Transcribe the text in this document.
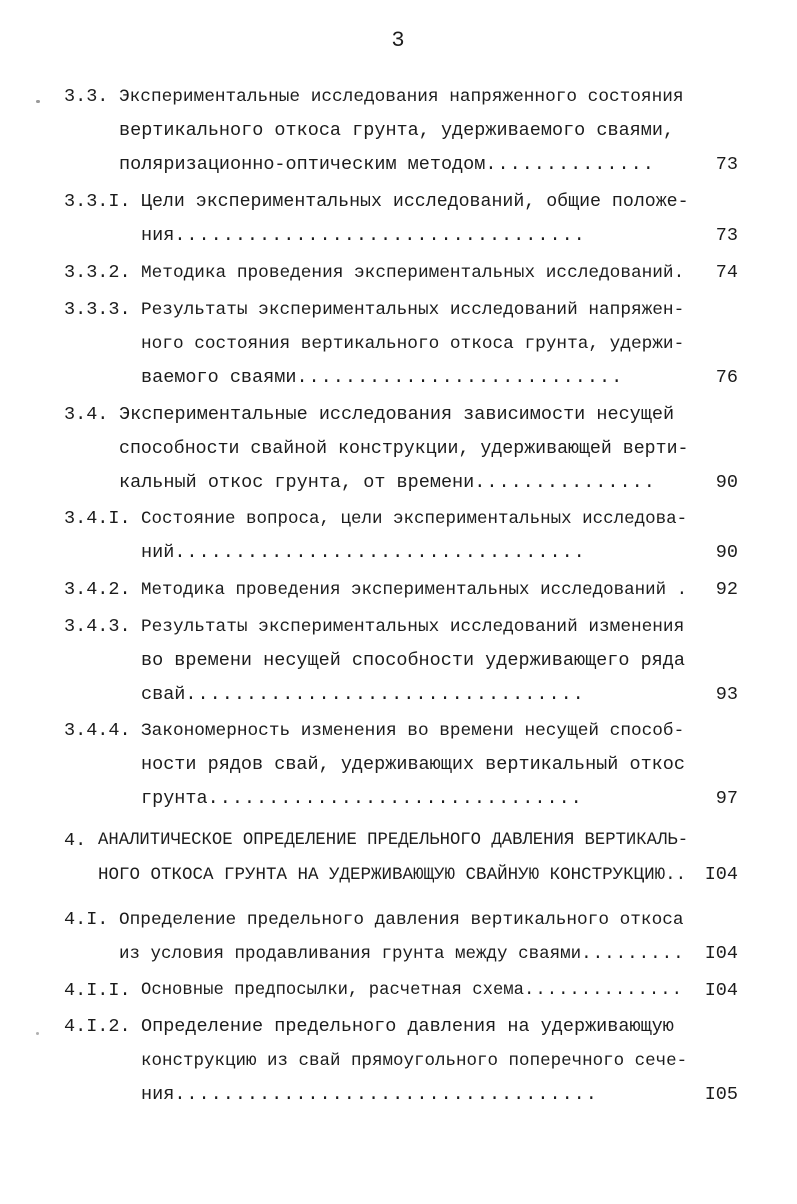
3
3.3. Экспериментальные исследования напряженного состояния
вертикального откоса грунта, удерживаемого сваями,
поляризационно-оптическим методом..............	73
3.3.I. Цели экспериментальных исследований, общие положе-
ния..................................	73
3.3.2. Методика проведения экспериментальных исследований.	74
3.3.3. Результаты экспериментальных исследований напряжен-
ного состояния вертикального откоса грунта, удержи-
ваемого сваями...........................	76
3.4. Экспериментальные исследования зависимости несущей
способности свайной конструкции, удерживающей верти-
кальный откос грунта, от времени...............	90
3.4.I. Состояние вопроса, цели экспериментальных исследова-
ний..................................	90
3.4.2. Методика проведения экспериментальных исследований .	92
3.4.3. Результаты экспериментальных исследований изменения
во времени несущей способности удерживающего ряда
свай.................................	93
3.4.4. Закономерность изменения во времени несущей способ-
ности рядов свай, удерживающих вертикальный откос
грунта...............................	97
4. АНАЛИТИЧЕСКОЕ ОПРЕДЕЛЕНИЕ ПРЕДЕЛЬНОГО ДАВЛЕНИЯ ВЕРТИКАЛЬ-
НОГО ОТКОСА ГРУНТА НА УДЕРЖИВАЮЩУЮ СВАЙНУЮ КОНСТРУКЦИЮ..	I04
4.I. Определение предельного давления вертикального откоса
из условия продавливания грунта между сваями.........	I04
4.I.I. Основные предпосылки, расчетная схема..............	I04
4.I.2. Определение предельного давления на удерживающую
конструкцию из свай прямоугольного поперечного сече-
ния...................................	I05
